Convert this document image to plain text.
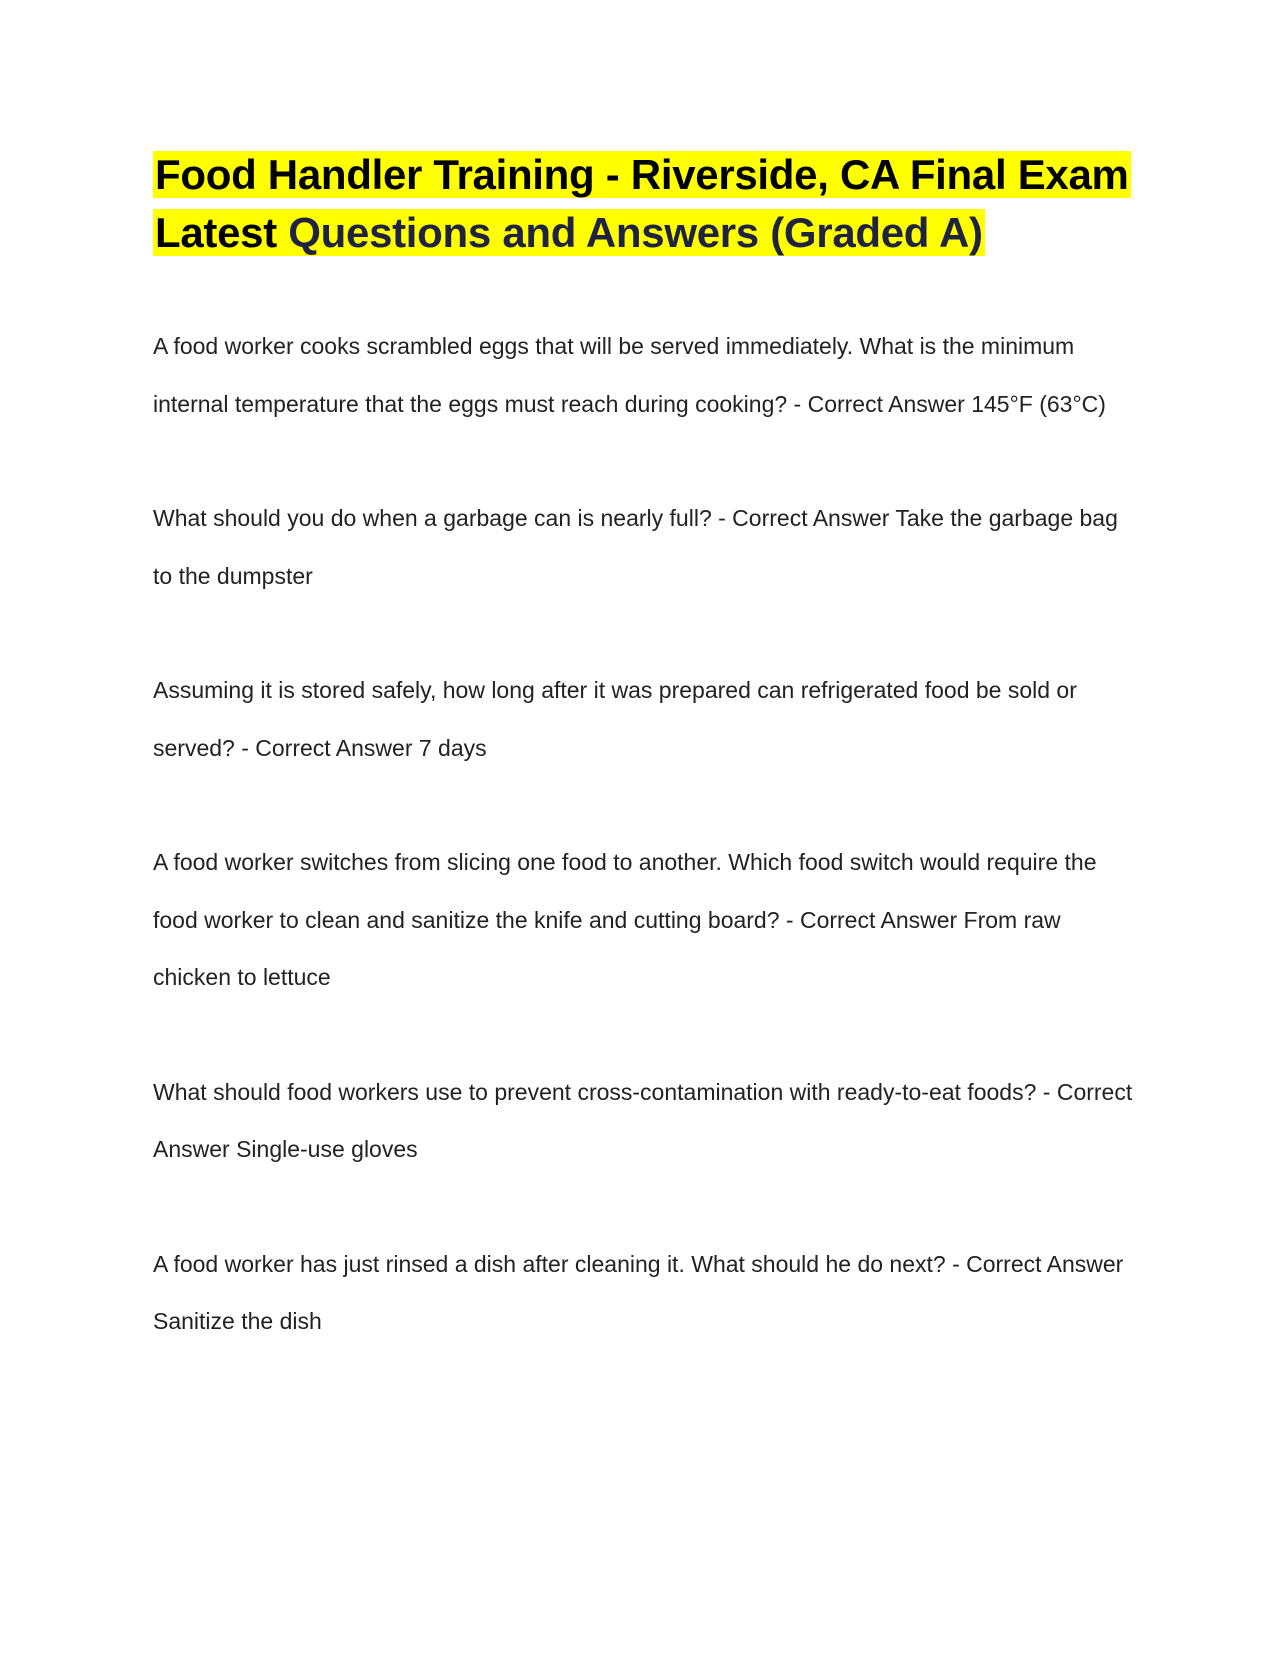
Food Handler Training - Riverside, CA Final Exam
Latest Questions and Answers (Graded A)
A food worker cooks scrambled eggs that will be served immediately. What is the minimum internal temperature that the eggs must reach during cooking? - Correct Answer 145°F (63°C)
What should you do when a garbage can is nearly full? - Correct Answer Take the garbage bag to the dumpster
Assuming it is stored safely, how long after it was prepared can refrigerated food be sold or served? - Correct Answer 7 days
A food worker switches from slicing one food to another. Which food switch would require the food worker to clean and sanitize the knife and cutting board? - Correct Answer From raw chicken to lettuce
What should food workers use to prevent cross-contamination with ready-to-eat foods? - Correct Answer Single-use gloves
A food worker has just rinsed a dish after cleaning it. What should he do next? - Correct Answer Sanitize the dish
